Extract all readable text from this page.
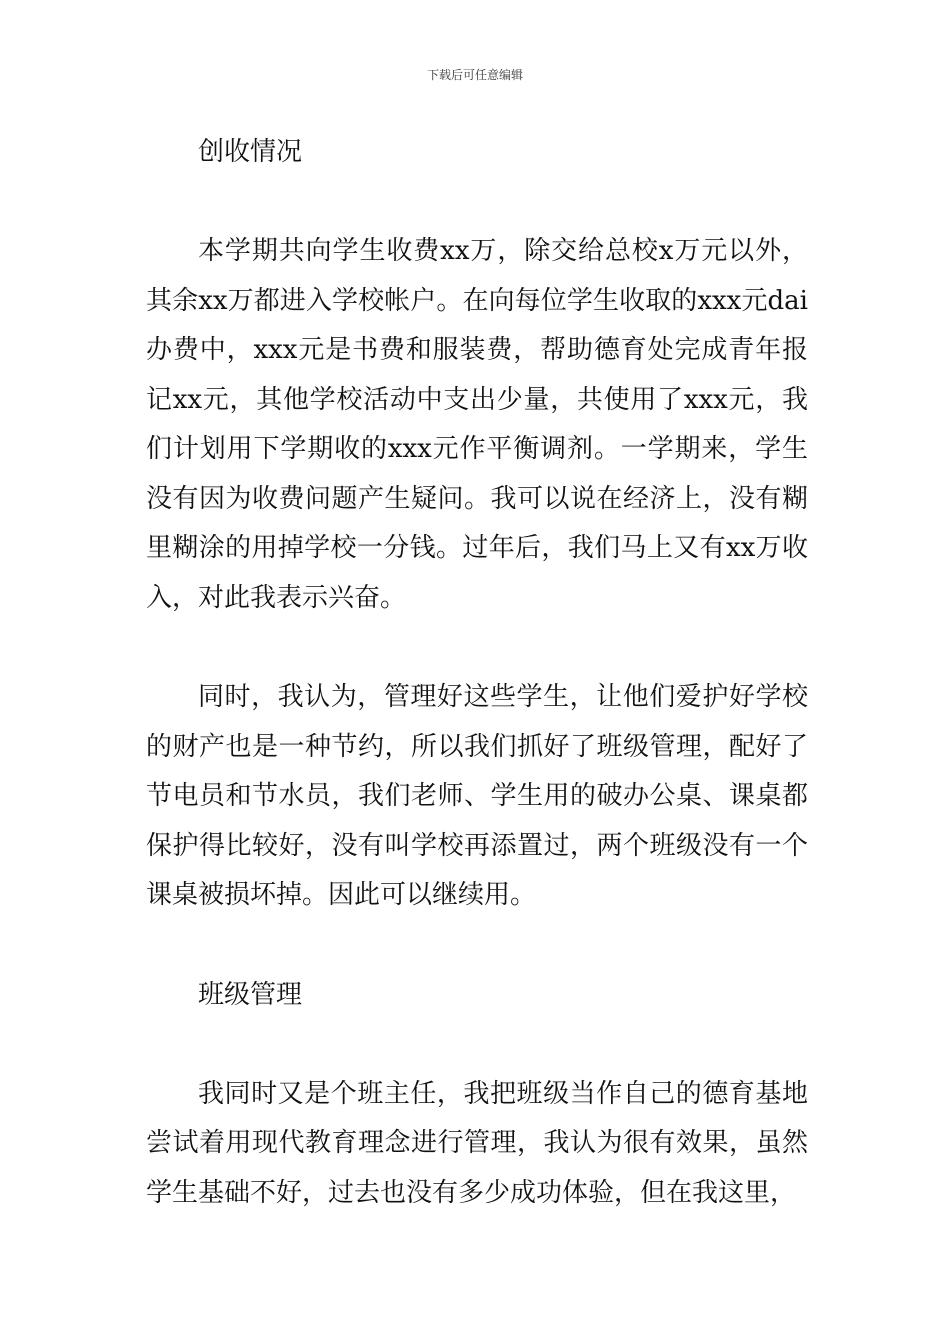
下载后可任意编辑
创收情况

本学期共向学生收费xx万，除交给总校x万元以外，其余xx万都进入学校帐户。在向每位学生收取的xxx元dai办费中，xxx元是书费和服装费，帮助德育处完成青年报记xx元，其他学校活动中支出少量，共使用了xxx元，我们计划用下学期收的xxx元作平衡调剂。一学期来，学生没有因为收费问题产生疑问。我可以说在经济上，没有糊里糊涂的用掉学校一分钱。过年后，我们马上又有xx万收入，对此我表示兴奋。

同时，我认为，管理好这些学生，让他们爱护好学校的财产也是一种节约，所以我们抓好了班级管理，配好了节电员和节水员，我们老师、学生用的破办公桌、课桌都保护得比较好，没有叫学校再添置过，两个班级没有一个课桌被损坏掉。因此可以继续用。

班级管理

我同时又是个班主任，我把班级当作自己的德育基地尝试着用现代教育理念进行管理，我认为很有效果，虽然学生基础不好，过去也没有多少成功体验，但在我这里，
